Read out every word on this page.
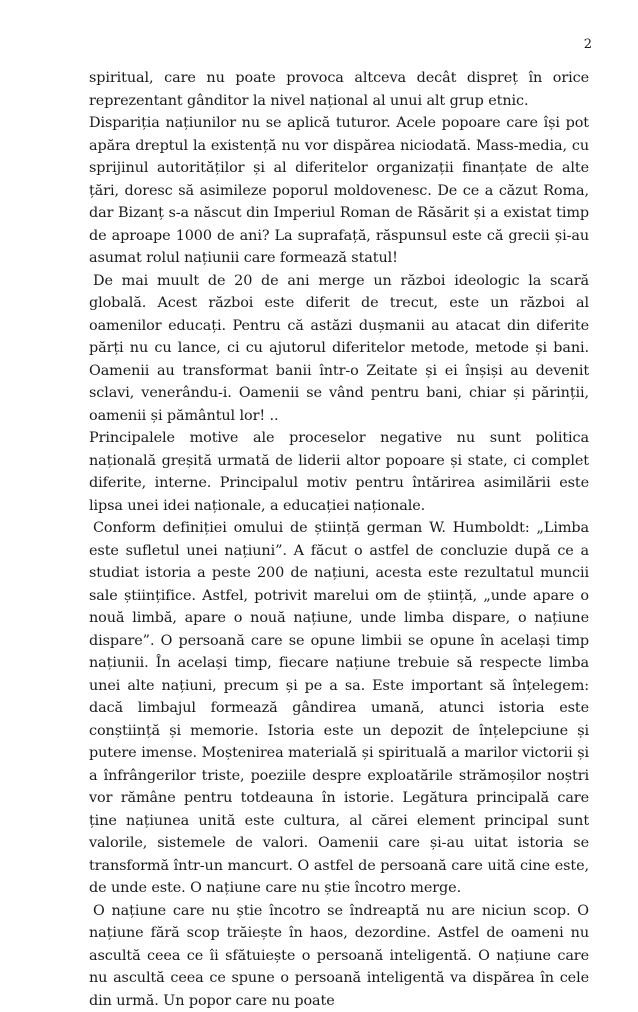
2

spiritual, care nu poate provoca altceva decât dispreț în orice reprezentant gânditor la nivel național al unui alt grup etnic.

Dispariția națiunilor nu se aplică tuturor. Acele popoare care își pot apăra dreptul la existență nu vor dispărea niciodată. Mass-media, cu sprijinul autorităților și al diferitelor organizații finanțate de alte țări, doresc să asimileze poporul moldovenesc. De ce a căzut Roma, dar Bizanț s-a născut din Imperiul Roman de Răsărit și a existat timp de aproape 1000 de ani? La suprafață, răspunsul este că grecii și-au asumat rolul națiunii care formează statul!

De mai muult de 20 de ani merge un război ideologic la scară globală. Acest război este diferit de trecut, este un război al oamenilor educați. Pentru că astăzi dușmanii au atacat din diferite părți nu cu lance, ci cu ajutorul diferitelor metode, metode și bani. Oamenii au transformat banii într-o Zeitate și ei înșiși au devenit sclavi, venerându-i. Oamenii se vând pentru bani, chiar și părinții, oamenii și pământul lor! ..

Principalele motive ale proceselor negative nu sunt politica națională greșită urmată de liderii altor popoare și state, ci complet diferite, interne. Principalul motiv pentru întărirea asimilării este lipsa unei idei naționale, a educației naționale.

Conform definiției omului de știință german W. Humboldt: „Limba este sufletul unei națiuni”. A făcut o astfel de concluzie după ce a studiat istoria a peste 200 de națiuni, acesta este rezultatul muncii sale științifice. Astfel, potrivit marelui om de știință, „unde apare o nouă limbă, apare o nouă națiune, unde limba dispare, o națiune dispare”. O persoană care se opune limbii se opune în același timp națiunii. În același timp, fiecare națiune trebuie să respecte limba unei alte națiuni, precum și pe a sa. Este important să înțelegem: dacă limbajul formează gândirea umană, atunci istoria este conștiință și memorie. Istoria este un depozit de înțelepciune și putere imense. Moștenirea materială și spirituală a marilor victorii și a înfrângerilor triste, poeziile despre exploatările strămoșilor noștri vor rămâne pentru totdeauna în istorie. Legătura principală care ține națiunea unită este cultura, al cărei element principal sunt valorile, sistemele de valori. Oamenii care și-au uitat istoria se transformă într-un mancurt. O astfel de persoană care uită cine este, de unde este. O națiune care nu știe încotro merge.

O națiune care nu știe încotro se îndreaptă nu are niciun scop. O națiune fără scop trăiește în haos, dezordine. Astfel de oameni nu ascultă ceea ce îi sfătuiește o persoană inteligentă. O națiune care nu ascultă ceea ce spune o persoană inteligentă va dispărea în cele din urmă. Un popor care nu poate
